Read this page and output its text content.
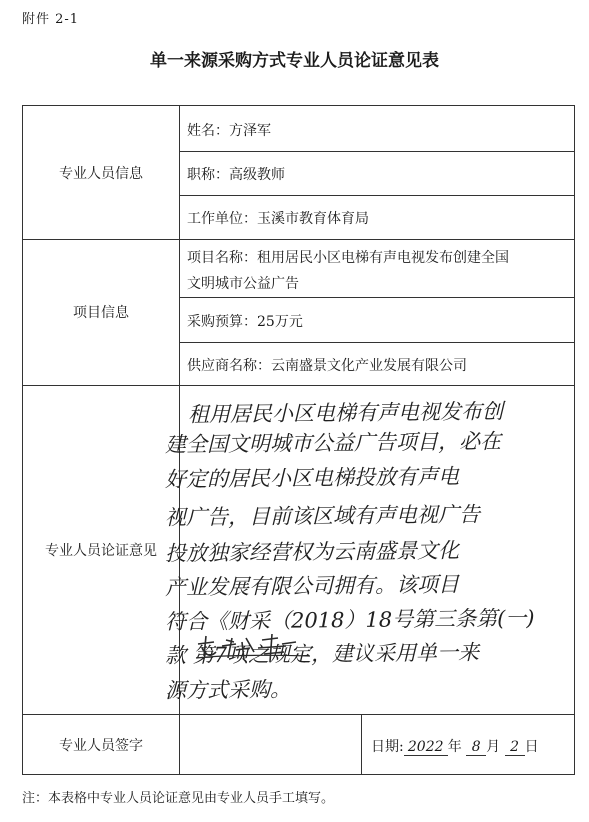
附件 2-1
单一来源采购方式专业人员论证意见表
专业人员信息
项目信息
专业人员论证意见
专业人员签字
姓名：方泽军
职称：高级教师
工作单位：玉溪市教育体育局
项目名称：租用居民小区电梯有声电视发布创建全国
文明城市公益广告
采购预算：25万元
供应商名称：云南盛景文化产业发展有限公司
日期: 2022 年 8 月 2 日
租用居民小区电梯有声电视发布创
建全国文明城市公益广告项目，必在
好定的居民小区电梯投放有声电
视广告，目前该区域有声电视广告
投放独家经营权为云南盛景文化
产业发展有限公司拥有。该项目
符合《财采（2018）18号第三条第(一)
款 第7项之规定，建议采用单一来
源方式采购。
注：本表格中专业人员论证意见由专业人员手工填写。
